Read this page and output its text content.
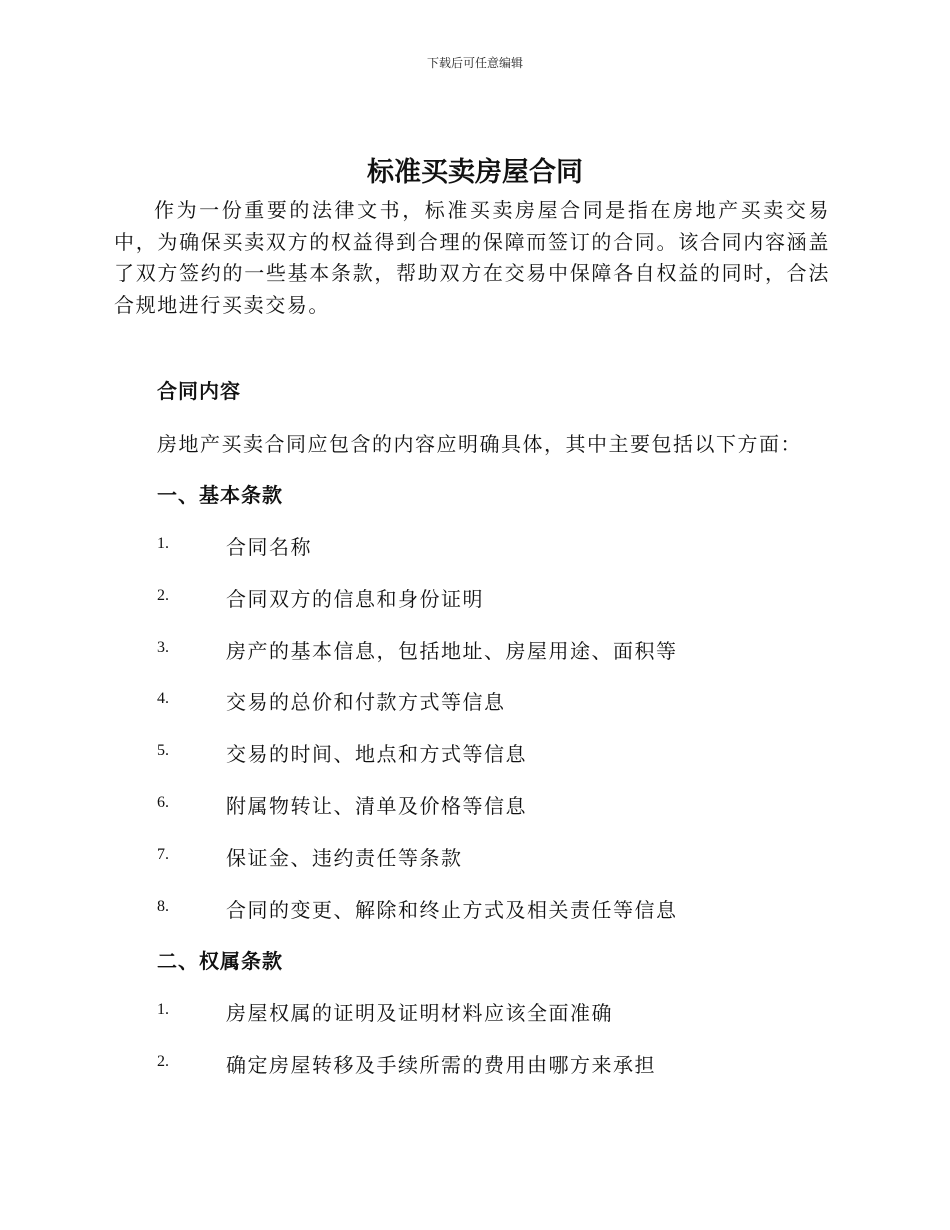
下载后可任意编辑
标准买卖房屋合同

作为一份重要的法律文书，标准买卖房屋合同是指在房地产买卖交易中，为确保买卖双方的权益得到合理的保障而签订的合同。该合同内容涵盖了双方签约的一些基本条款，帮助双方在交易中保障各自权益的同时，合法合规地进行买卖交易。

合同内容
房地产买卖合同应包含的内容应明确具体，其中主要包括以下方面：
一、基本条款
1.	合同名称
2.	合同双方的信息和身份证明
3.	房产的基本信息，包括地址、房屋用途、面积等
4.	交易的总价和付款方式等信息
5.	交易的时间、地点和方式等信息
6.	附属物转让、清单及价格等信息
7.	保证金、违约责任等条款
8.	合同的变更、解除和终止方式及相关责任等信息
二、权属条款
1.	房屋权属的证明及证明材料应该全面准确
2.	确定房屋转移及手续所需的费用由哪方来承担
